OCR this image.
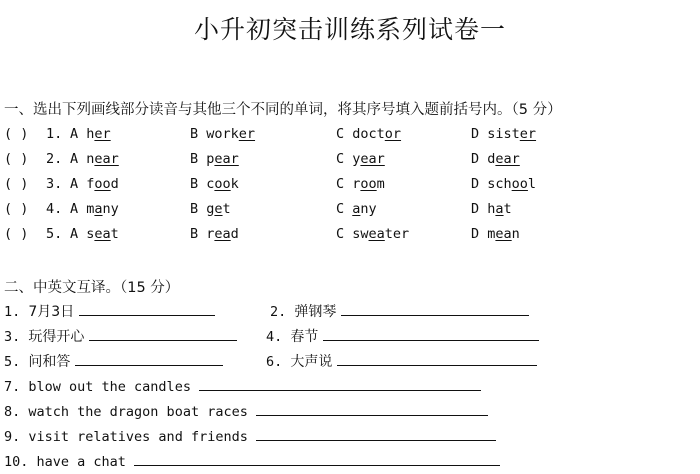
小升初突击训练系列试卷一
一、选出下列画线部分读音与其他三个不同的单词，将其序号填入题前括号内。（5 分）
( ) 1. A her	B worker	C doctor	D sister
( ) 2. A near	B pear	C year	D dear
( ) 3. A food	B cook	C room	D school
( ) 4. A many	B get	C any	D hat
( ) 5. A seat	B read	C sweater	D mean
二、中英文互译。（15 分）
1. 7月3日	2. 弹钢琴
3. 玩得开心	4. 春节
5. 问和答	6. 大声说
7. blow out the candles
8. watch the dragon boat races
9. visit relatives and friends
10. have a chat
